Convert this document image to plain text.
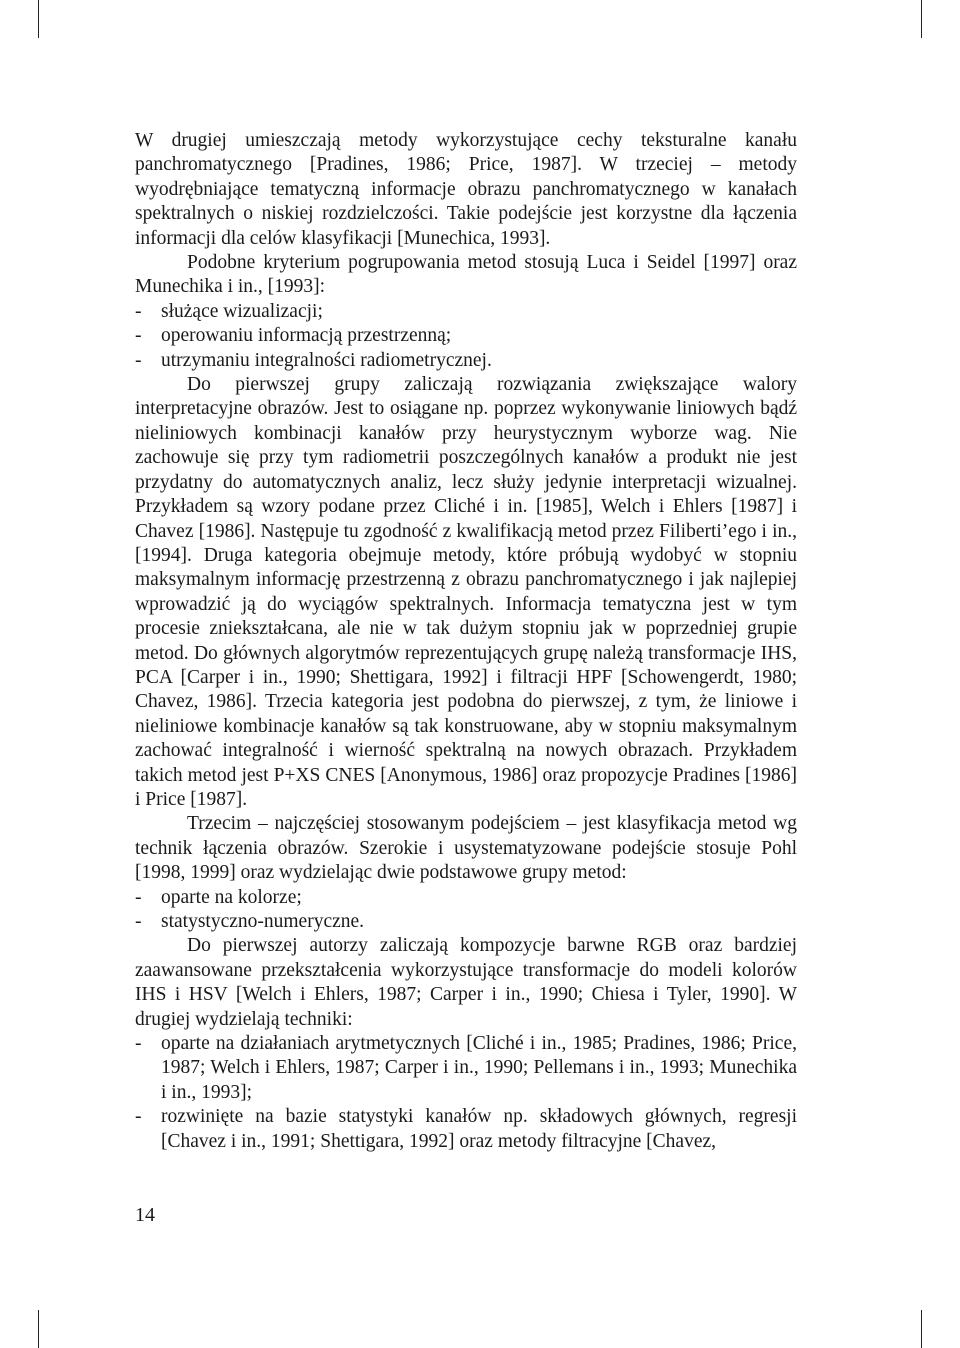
W drugiej umieszczają metody wykorzystujące cechy teksturalne kanału panchromatycznego [Pradines, 1986; Price, 1987]. W trzeciej – metody wyodrębniające tematyczną informacje obrazu panchromatycznego w kanałach spektralnych o niskiej rozdzielczości. Takie podejście jest korzystne dla łączenia informacji dla celów klasyfikacji [Munechica, 1993].

Podobne kryterium pogrupowania metod stosują Luca i Seidel [1997] oraz Munechika i in., [1993]:

-	służące wizualizacji;
-	operowaniu informacją przestrzenną;
-	utrzymaniu integralności radiometrycznej.

Do pierwszej grupy zaliczają rozwiązania zwiększające walory interpretacyjne obrazów. Jest to osiągane np. poprzez wykonywanie liniowych bądź nieliniowych kombinacji kanałów przy heurystycznym wyborze wag. Nie zachowuje się przy tym radiometrii poszczególnych kanałów a produkt nie jest przydatny do automatycznych analiz, lecz służy jedynie interpretacji wizualnej. Przykładem są wzory podane przez Cliché i in. [1985], Welch i Ehlers [1987] i Chavez [1986]. Następuje tu zgodność z kwalifikacją metod przez Filiberti’ego i in., [1994]. Druga kategoria obejmuje metody, które próbują wydobyć w stopniu maksymalnym informację przestrzenną z obrazu panchromatycznego i jak najlepiej wprowadzić ją do wyciągów spektralnych. Informacja tematyczna jest w tym procesie zniekształcana, ale nie w tak dużym stopniu jak w poprzedniej grupie metod. Do głównych algorytmów reprezentujących grupę należą transformacje IHS, PCA [Carper i in., 1990; Shettigara, 1992] i filtracji HPF [Schowengerdt, 1980; Chavez, 1986]. Trzecia kategoria jest podobna do pierwszej, z tym, że liniowe i nieliniowe kombinacje kanałów są tak konstruowane, aby w stopniu maksymalnym zachować integralność i wierność spektralną na nowych obrazach. Przykładem takich metod jest P+XS CNES [Anonymous, 1986] oraz propozycje Pradines [1986] i Price [1987].

Trzecim – najczęściej stosowanym podejściem – jest klasyfikacja metod wg technik łączenia obrazów. Szerokie i usystematyzowane podejście stosuje Pohl [1998, 1999] oraz wydzielając dwie podstawowe grupy metod:

-	oparte na kolorze;
-	statystyczno-numeryczne.

Do pierwszej autorzy zaliczają kompozycje barwne RGB oraz bardziej zaawansowane przekształcenia wykorzystujące transformacje do modeli kolorów IHS i HSV [Welch i Ehlers, 1987; Carper i in., 1990; Chiesa i Tyler, 1990]. W drugiej wydzielają techniki:

-	oparte na działaniach arytmetycznych [Cliché i in., 1985; Pradines, 1986; Price, 1987; Welch i Ehlers, 1987; Carper i in., 1990; Pellemans i in., 1993; Munechika i in., 1993];
-	rozwinięte na bazie statystyki kanałów np. składowych głównych, regresji [Chavez i in., 1991; Shettigara, 1992] oraz metody filtracyjne [Chavez,
14
